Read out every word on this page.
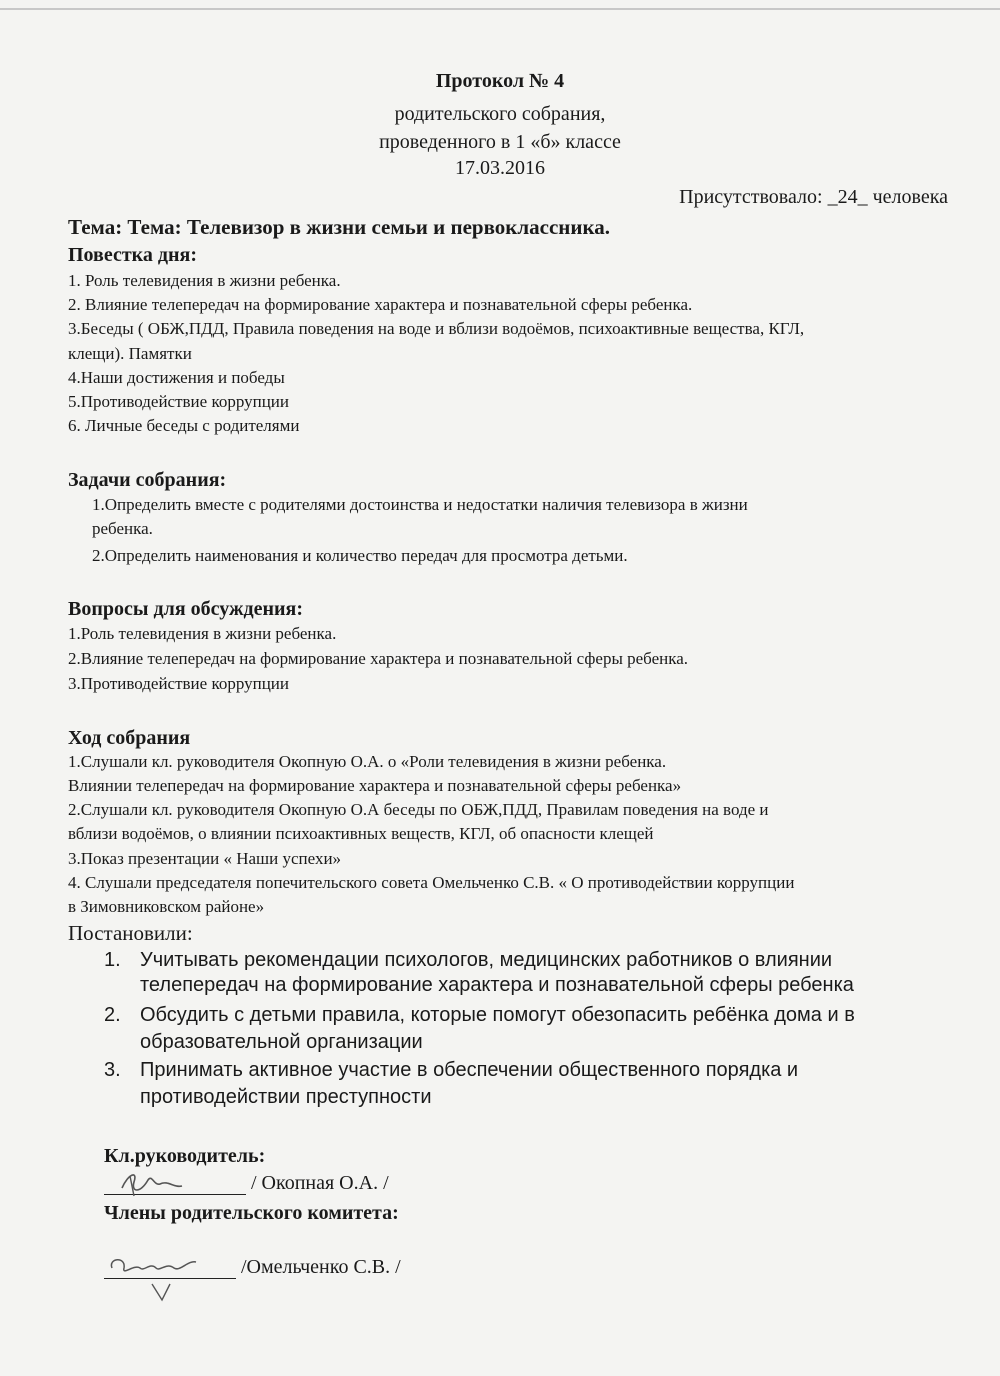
Протокол № 4
родительского собрания,
проведенного в 1 «б» классе
17.03.2016
Присутствовало: _24_ человека
Тема: Тема: Телевизор в жизни семьи и первоклассника.
Повестка дня:
1. Роль телевидения в жизни ребенка.
2. Влияние телепередач на формирование характера и познавательной сферы ребенка.
3.Беседы ( ОБЖ,ПДД, Правила поведения на воде и вблизи водоёмов, психоактивные вещества, КГЛ,
клещи). Памятки
4.Наши достижения и победы
5.Противодействие коррупции
6. Личные беседы с родителями
Задачи собрания:
1.Определить вместе с родителями достоинства и недостатки наличия телевизора в жизни
ребенка.
2.Определить наименования и количество передач для просмотра детьми.
Вопросы для обсуждения:
1.Роль телевидения в жизни ребенка.
2.Влияние телепередач на формирование характера и познавательной сферы ребенка.
3.Противодействие коррупции
Ход собрания
1.Слушали кл. руководителя Окопную О.А. о «Роли телевидения в жизни ребенка.
Влиянии телепередач на формирование характера и познавательной сферы ребенка»
2.Слушали кл. руководителя Окопную О.А беседы по ОБЖ,ПДД, Правилам поведения на воде и
вблизи водоёмов, о влиянии психоактивных веществ, КГЛ, об опасности клещей
3.Показ презентации « Наши успехи»
4. Слушали председателя попечительского совета Омельченко С.В. « О противодействии коррупции
в Зимовниковском районе»
Постановили:
1. Учитывать рекомендации психологов, медицинских работников о влиянии
телепередач на формирование характера и познавательной сферы ребенка
2. Обсудить с детьми правила, которые помогут обезопасить ребёнка дома и в
образовательной организации
3. Принимать активное участие в обеспечении общественного порядка и
противодействии преступности
Кл.руководитель:
/ Окопная О.А. /
Члены родительского комитета:
/Омельченко С.В. /
